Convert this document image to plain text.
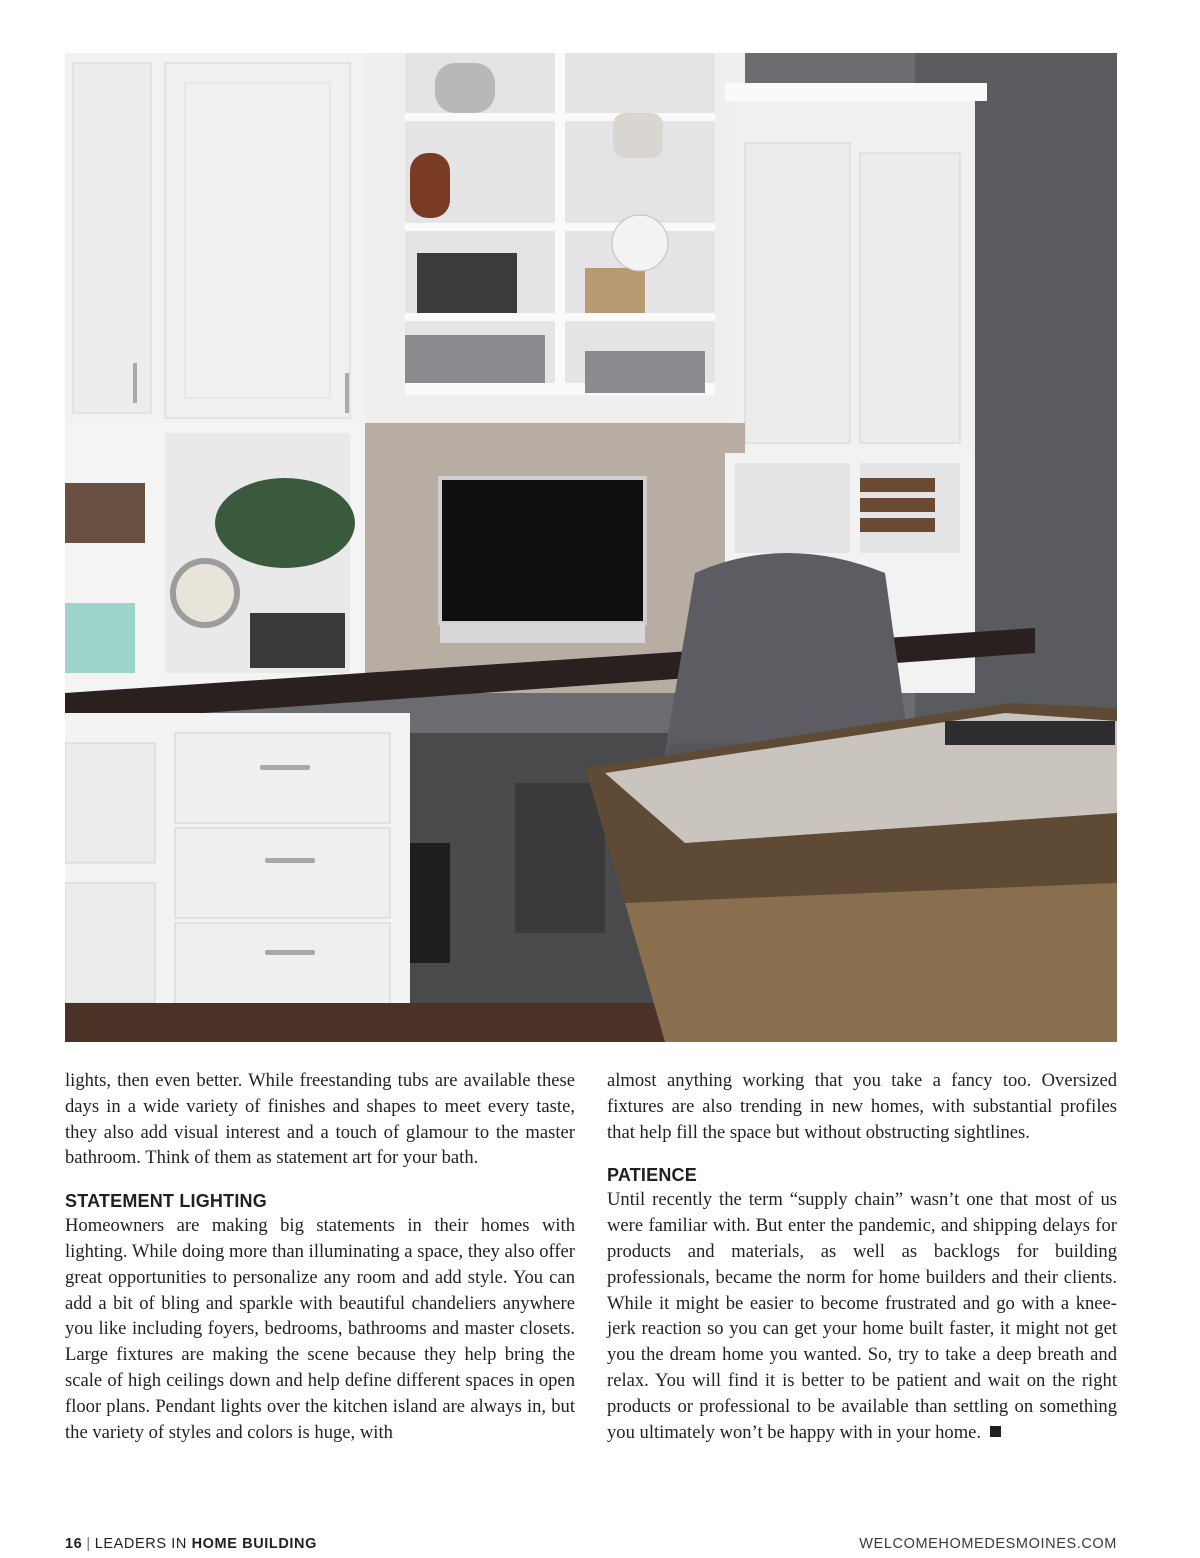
lights, then even better. While freestanding tubs are available these days in a wide variety of finishes and shapes to meet every taste, they also add visual interest and a touch of glamour to the master bathroom. Think of them as statement art for your bath.

STATEMENT LIGHTING

Homeowners are making big statements in their homes with lighting. While doing more than illuminating a space, they also offer great opportunities to personalize any room and add style. You can add a bit of bling and sparkle with beautiful chandeliers anywhere you like including foyers, bedrooms, bathrooms and master closets. Large fixtures are making the scene because they help bring the scale of high ceilings down and help define different spaces in open floor plans. Pendant lights over the kitchen island are always in, but the variety of styles and colors is huge, with

almost anything working that you take a fancy too. Oversized fixtures are also trending in new homes, with substantial profiles that help fill the space but without obstructing sightlines.

PATIENCE

Until recently the term “supply chain” wasn’t one that most of us were familiar with. But enter the pandemic, and shipping delays for products and materials, as well as backlogs for building professionals, became the norm for home builders and their clients. While it might be easier to become frustrated and go with a knee-jerk reaction so you can get your home built faster, it might not get you the dream home you wanted. So, try to take a deep breath and relax. You will find it is better to be patient and wait on the right products or professional to be available than settling on something you ultimately won’t be happy with in your home.

16 | LEADERS IN HOME BUILDING	WELCOMEHOMEDESMOINES.COM
